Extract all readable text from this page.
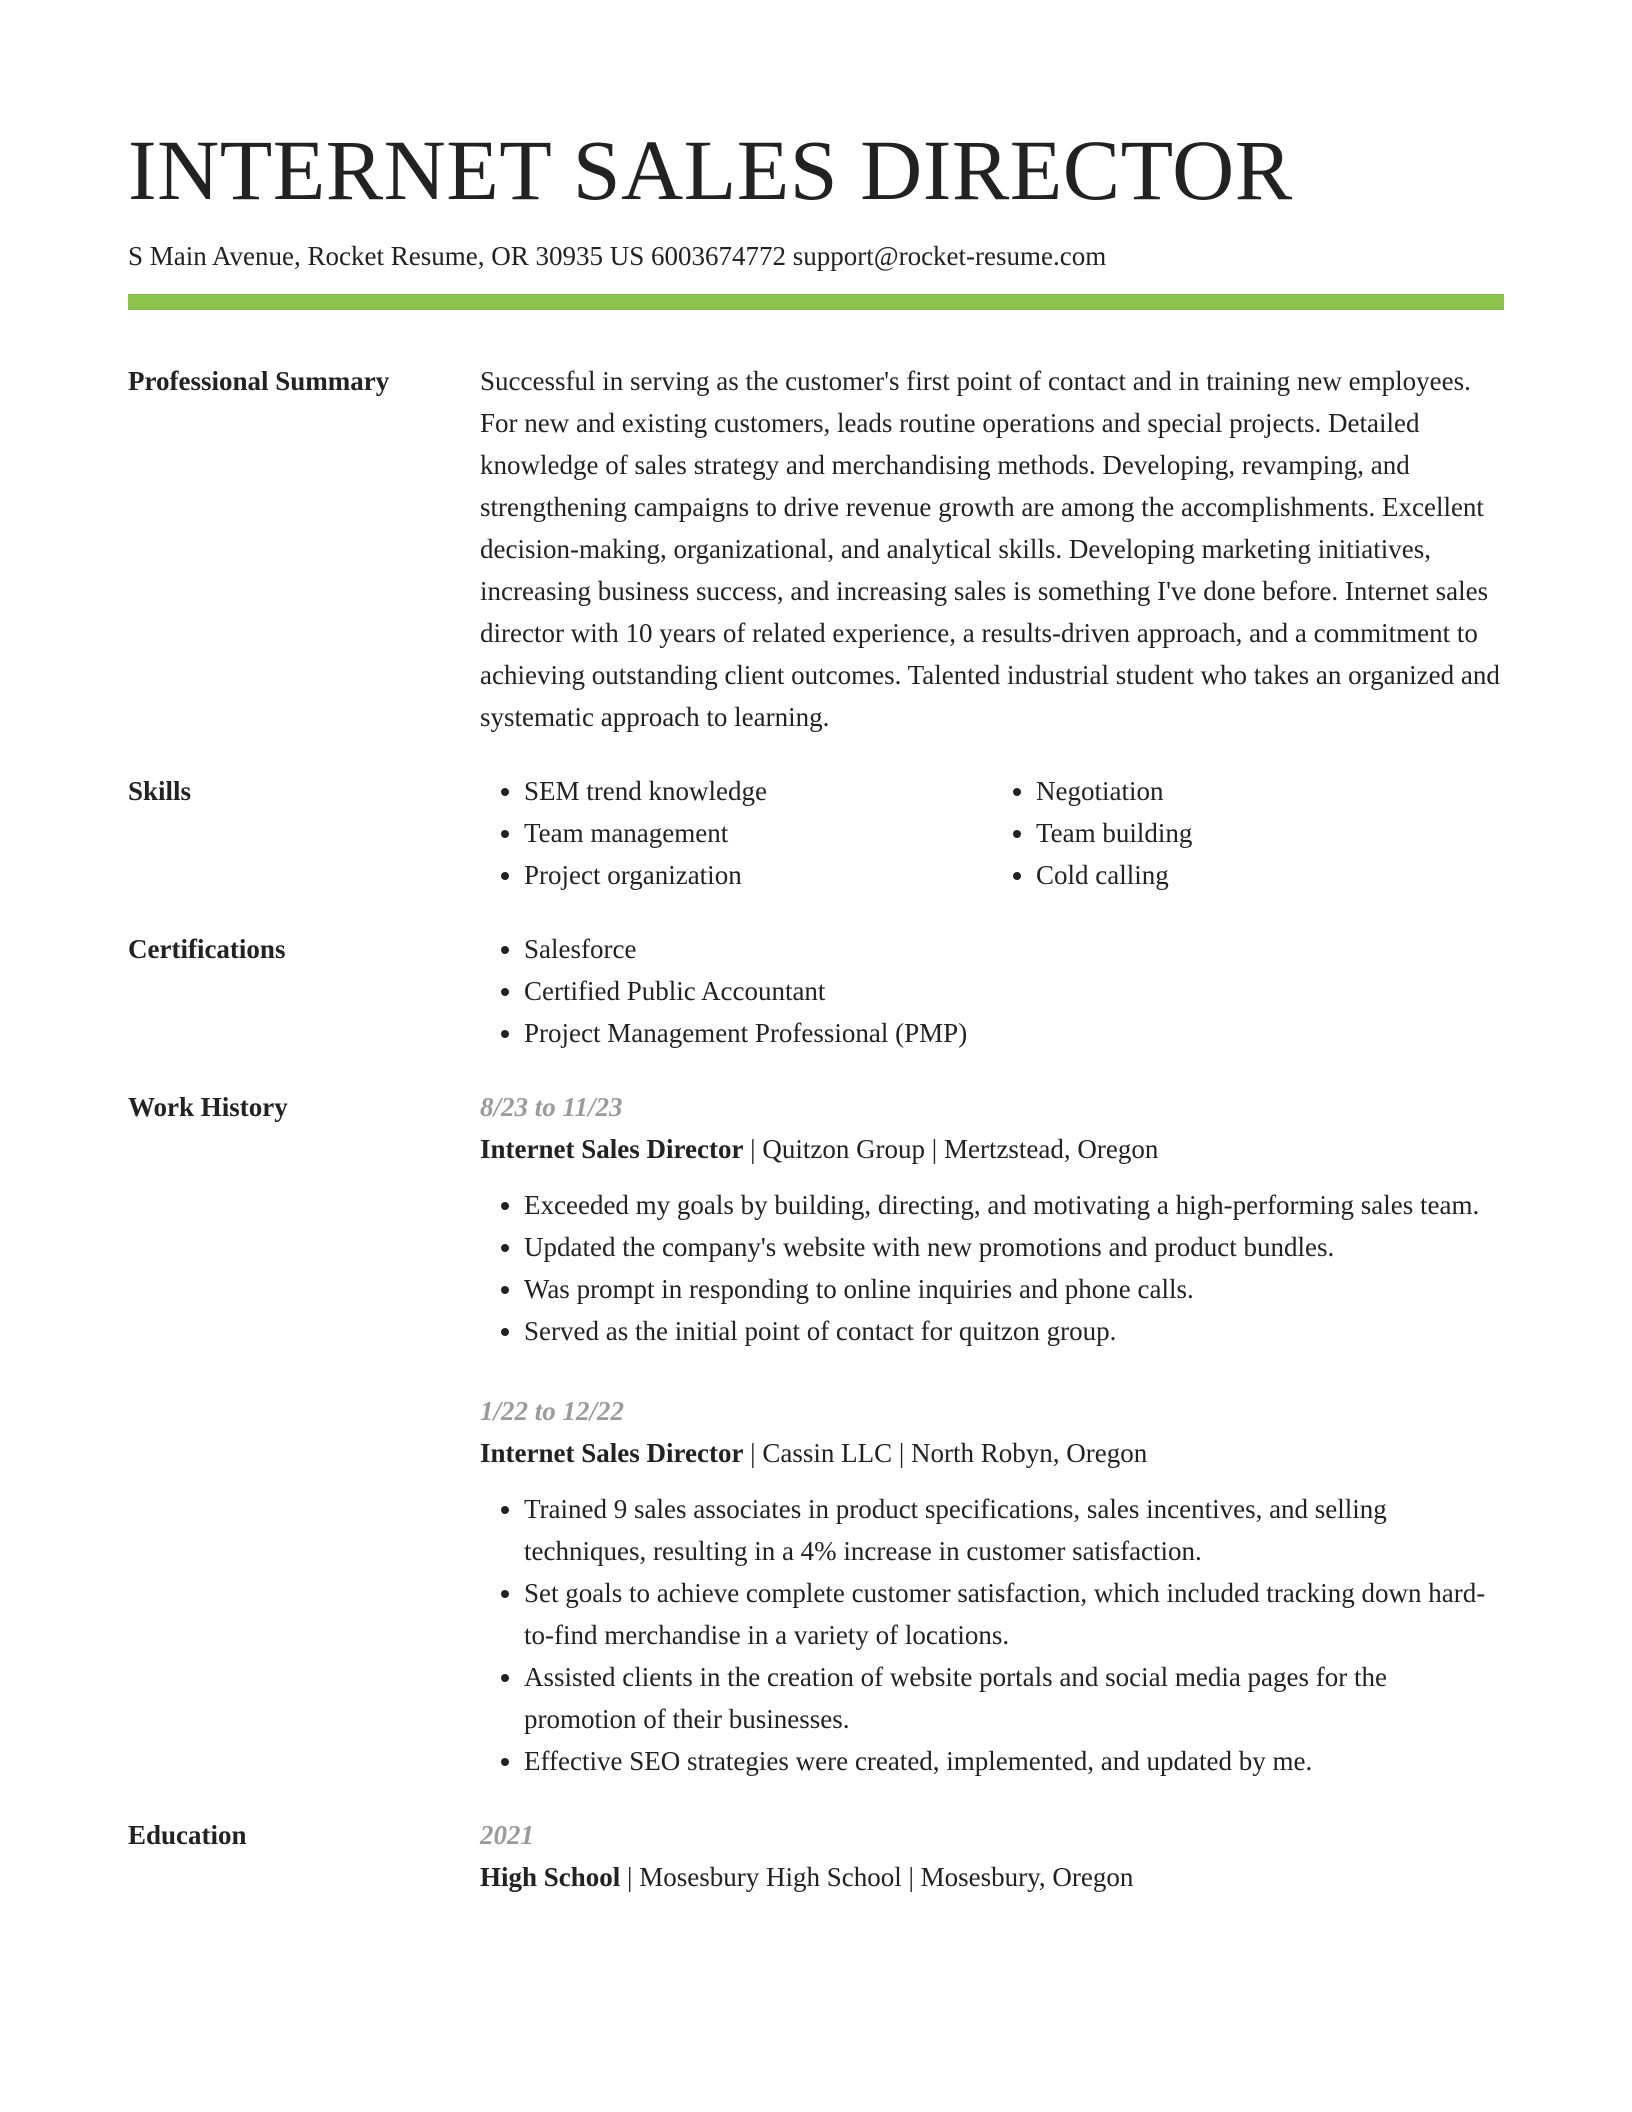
INTERNET SALES DIRECTOR
S Main Avenue, Rocket Resume, OR 30935 US 6003674772 support@rocket-resume.com
Professional Summary	Successful in serving as the customer's first point of contact and in training new employees. For new and existing customers, leads routine operations and special projects. Detailed knowledge of sales strategy and merchandising methods. Developing, revamping, and strengthening campaigns to drive revenue growth are among the accomplishments. Excellent decision-making, organizational, and analytical skills. Developing marketing initiatives, increasing business success, and increasing sales is something I've done before. Internet sales director with 10 years of related experience, a results-driven approach, and a commitment to achieving outstanding client outcomes. Talented industrial student who takes an organized and systematic approach to learning.
Skills	• SEM trend knowledge
• Team management
• Project organization
• Negotiation
• Team building
• Cold calling
Certifications	• Salesforce
• Certified Public Accountant
• Project Management Professional (PMP)
Work History	8/23 to 11/23
Internet Sales Director | Quitzon Group | Mertzstead, Oregon
• Exceeded my goals by building, directing, and motivating a high-performing sales team.
• Updated the company's website with new promotions and product bundles.
• Was prompt in responding to online inquiries and phone calls.
• Served as the initial point of contact for quitzon group.
1/22 to 12/22
Internet Sales Director | Cassin LLC | North Robyn, Oregon
• Trained 9 sales associates in product specifications, sales incentives, and selling techniques, resulting in a 4% increase in customer satisfaction.
• Set goals to achieve complete customer satisfaction, which included tracking down hard-to-find merchandise in a variety of locations.
• Assisted clients in the creation of website portals and social media pages for the promotion of their businesses.
• Effective SEO strategies were created, implemented, and updated by me.
Education	2021
High School | Mosesbury High School | Mosesbury, Oregon
